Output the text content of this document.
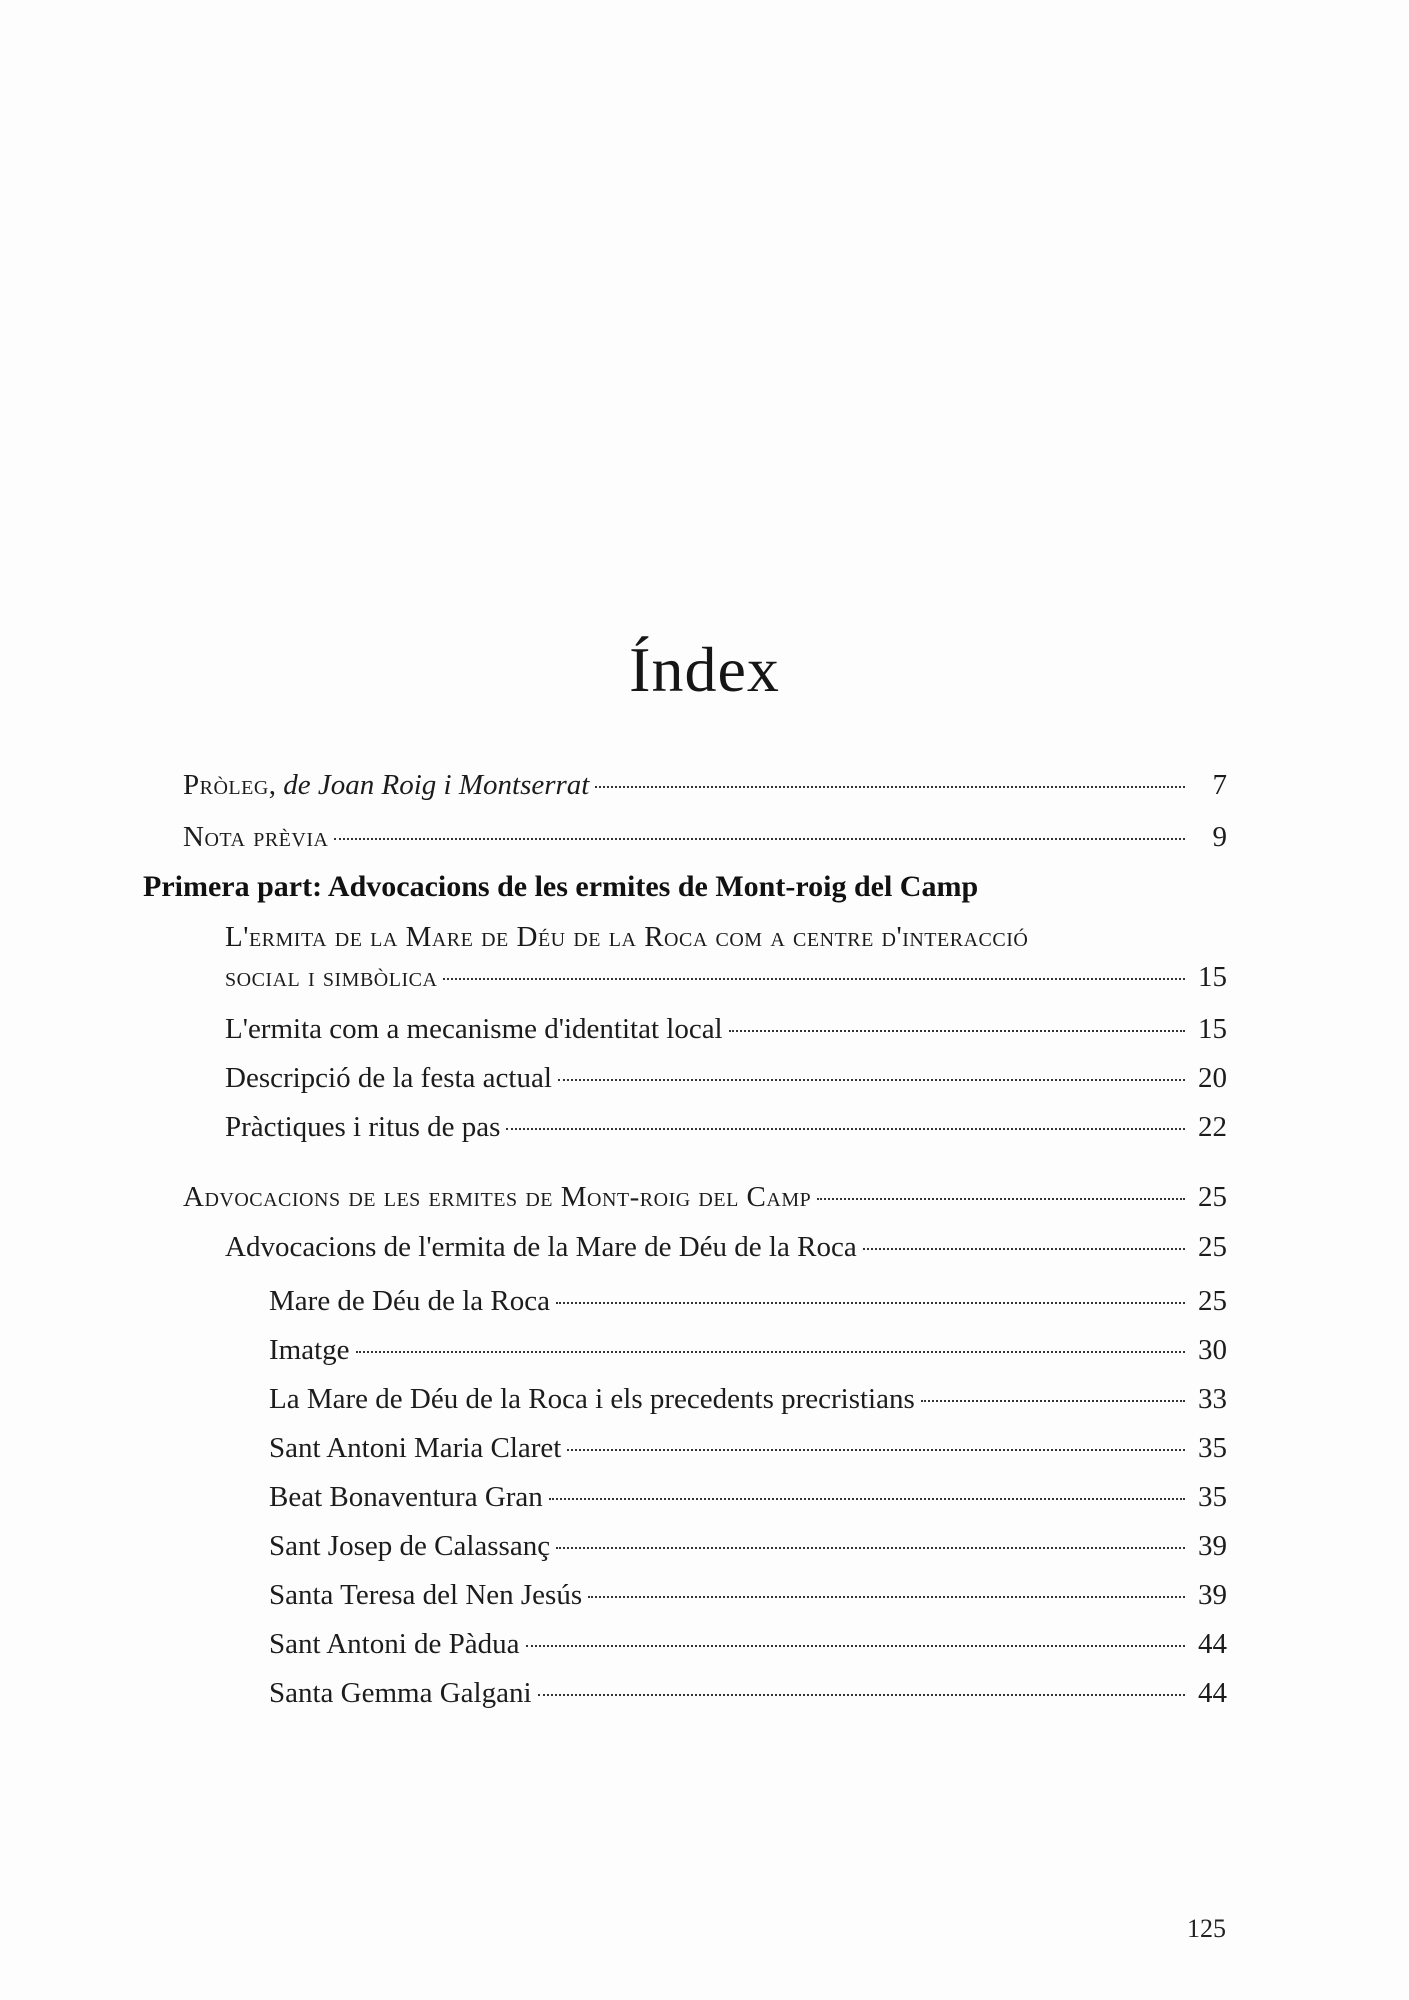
Índex
Pròleg, de Joan Roig i Montserrat	7
Nota prèvia	9
Primera part: Advocacions de les ermites de Mont-roig del Camp
L'ermita de la Mare de Déu de la Roca com a centre d'interacció
social i simbòlica	15
L'ermita com a mecanisme d'identitat local	15
Descripció de la festa actual	20
Pràctiques i ritus de pas	22
Advocacions de les ermites de Mont-roig del Camp	25
Advocacions de l'ermita de la Mare de Déu de la Roca	25
Mare de Déu de la Roca	25
Imatge	30
La Mare de Déu de la Roca i els precedents precristians	33
Sant Antoni Maria Claret	35
Beat Bonaventura Gran	35
Sant Josep de Calassanç	39
Santa Teresa del Nen Jesús	39
Sant Antoni de Pàdua	44
Santa Gemma Galgani	44
125
